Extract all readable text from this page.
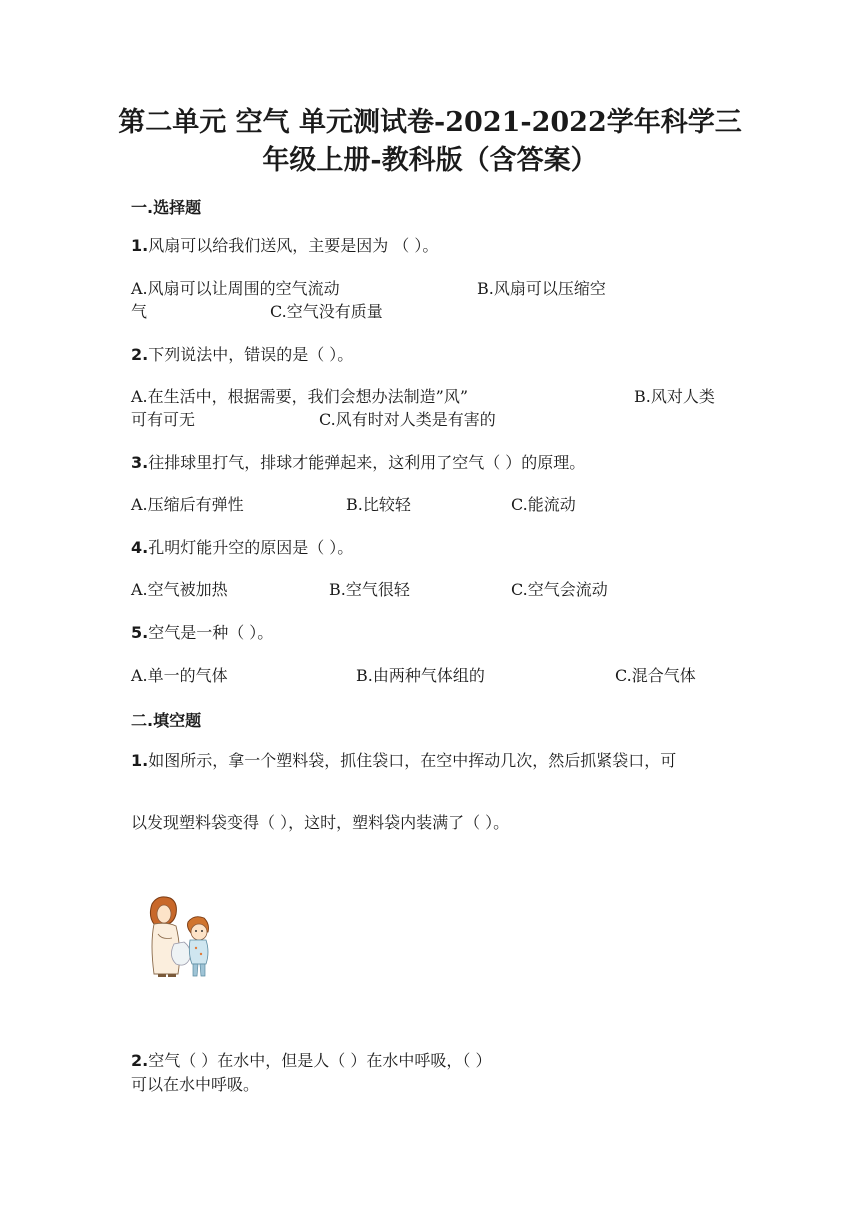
第二单元 空气 单元测试卷-2021-2022学年科学三
年级上册-教科版（含答案）
一.选择题
1.风扇可以给我们送风，主要是因为 （ ）。
A.风扇可以让周围的空气流动	B.风扇可以压缩空
气	C.空气没有质量
2.下列说法中，错误的是（ ）。
A.在生活中，根据需要，我们会想办法制造”风”	B.风对人类
可有可无	C.风有时对人类是有害的
3.往排球里打气，排球才能弹起来，这利用了空气（ ）的原理。
A.压缩后有弹性	B.比较轻	C.能流动
4.孔明灯能升空的原因是（ ）。
A.空气被加热	B.空气很轻	C.空气会流动
5.空气是一种（ ）。
A.单一的气体	B.由两种气体组的	C.混合气体
二.填空题
1.如图所示，拿一个塑料袋，抓住袋口，在空中挥动几次，然后抓紧袋口，可
以发现塑料袋变得（ ），这时，塑料袋内装满了（ ）。
2.空气（ ）在水中，但是人（ ）在水中呼吸，（ ）
可以在水中呼吸。
